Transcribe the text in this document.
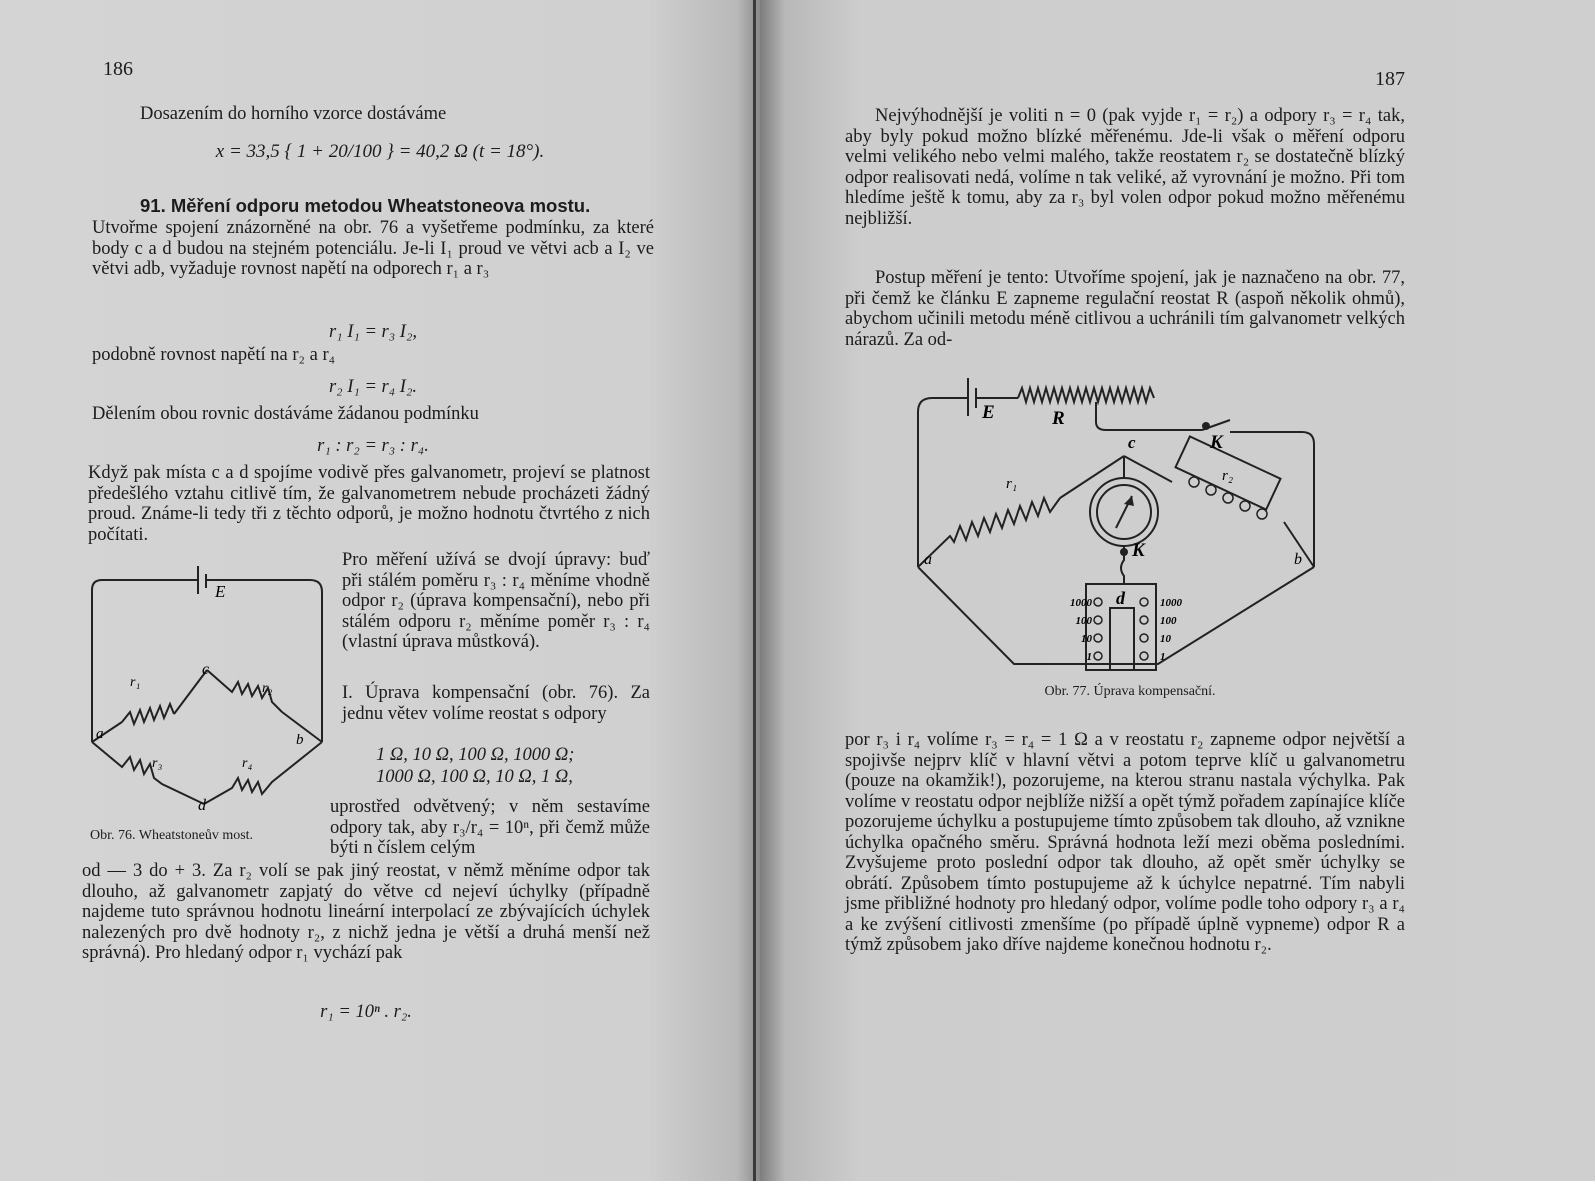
186
Dosazením do horního vzorce dostáváme
x = 33,5 { 1 + 20/100 } = 40,2 Ω (t = 18°).
91. Měření odporu metodou Wheatstoneova mostu.
Utvořme spojení znázorněné na obr. 76 a vyšetřeme podmínku, za které body c a d budou na stejném potenciálu. Je-li I₁ proud ve větvi acb a I₂ ve větvi adb, vyžaduje rovnost napětí na odporech r₁ a r₃
r₁ I₁ = r₃ I₂,
podobně rovnost napětí na r₂ a r₄
r₂ I₁ = r₄ I₂.
Dělením obou rovnic dostáváme žádanou podmínku
r₁ : r₂ = r₃ : r₄.
Když pak místa c a d spojíme vodivě přes galvanometr, projeví se platnost předešlého vztahu citlivě tím, že galvanometrem nebude procházeti žádný proud. Známe-li tedy tři z těchto odporů, je možno hodnotu čtvrtého z nich počítati.
Pro měření užívá se dvojí úpravy: buď při stálém poměru r₃ : r₄ měníme vhodně odpor r₂ (úprava kompensační), nebo při stálém odporu r₂ měníme poměr r₃ : r₄ (vlastní úprava můstková).
I. Úprava kompensační (obr. 76). Za jednu větev volíme reostat s odpory
1 Ω, 10 Ω, 100 Ω, 1000 Ω;
1000 Ω, 100 Ω, 10 Ω, 1 Ω,
uprostřed odvětvený; v něm sestavíme odpory tak, aby r₃/r₄ = 10ⁿ, při čemž může býti n číslem celým
od — 3 do + 3. Za r₂ volí se pak jiný reostat, v němž měníme odpor tak dlouho, až galvanometr zapjatý do větve cd nejeví úchylky (případně najdeme tuto správnou hodnotu lineární interpolací ze zbývajících úchylek nalezených pro dvě hodnoty r₂, z nichž jedna je větší a druhá menší než správná). Pro hledaný odpor r₁ vychází pak
r₁ = 10ⁿ . r₂.
E
c
d
a	b
r₁	r₂
r₃	r₄
Obr. 76. Wheatstoneův most.
187
Nejvýhodnější je voliti n = 0 (pak vyjde r₁ = r₂) a odpory r₃ = r₄ tak, aby byly pokud možno blízké měřenému. Jde-li však o měření odporu velmi velikého nebo velmi malého, takže reostatem r₂ se dostatečně blízký odpor realisovati nedá, volíme n tak veliké, až vyrovnání je možno. Při tom hledíme ještě k tomu, aby za r₃ byl volen odpor pokud možno měřenému nejbližší.
Postup měření je tento: Utvoříme spojení, jak je naznačeno na obr. 77, při čemž ke článku E zapneme regulační reostat R (aspoň několik ohmů), abychom učinili metodu méně citlivou a uchránili tím galvanometr velkých nárazů. Za od-
E	R
K
K
c
d
a	b
r₁	r₂
1000
100
10
1
1000
100
10
1
Obr. 77. Úprava kompensační.
por r₃ i r₄ volíme r₃ = r₄ = 1 Ω a v reostatu r₂ zapneme odpor největší a spojivše nejprv klíč v hlavní větvi a potom teprve klíč u galvanometru (pouze na okamžik!), pozorujeme, na kterou stranu nastala výchylka. Pak volíme v reostatu odpor nejblíže nižší a opět týmž pořadem zapínajíce klíče pozorujeme úchylku a postupujeme tímto způsobem tak dlouho, až vznikne úchylka opačného směru. Správná hodnota leží mezi oběma posledními. Zvyšujeme proto poslední odpor tak dlouho, až opět směr úchylky se obrátí. Způsobem tímto postupujeme až k úchylce nepatrné. Tím nabyli jsme přibližné hodnoty pro hledaný odpor, volíme podle toho odpory r₃ a r₄ a ke zvýšení citlivosti zmenšíme (po případě úplně vypneme) odpor R a týmž způsobem jako dříve najdeme konečnou hodnotu r₂.
